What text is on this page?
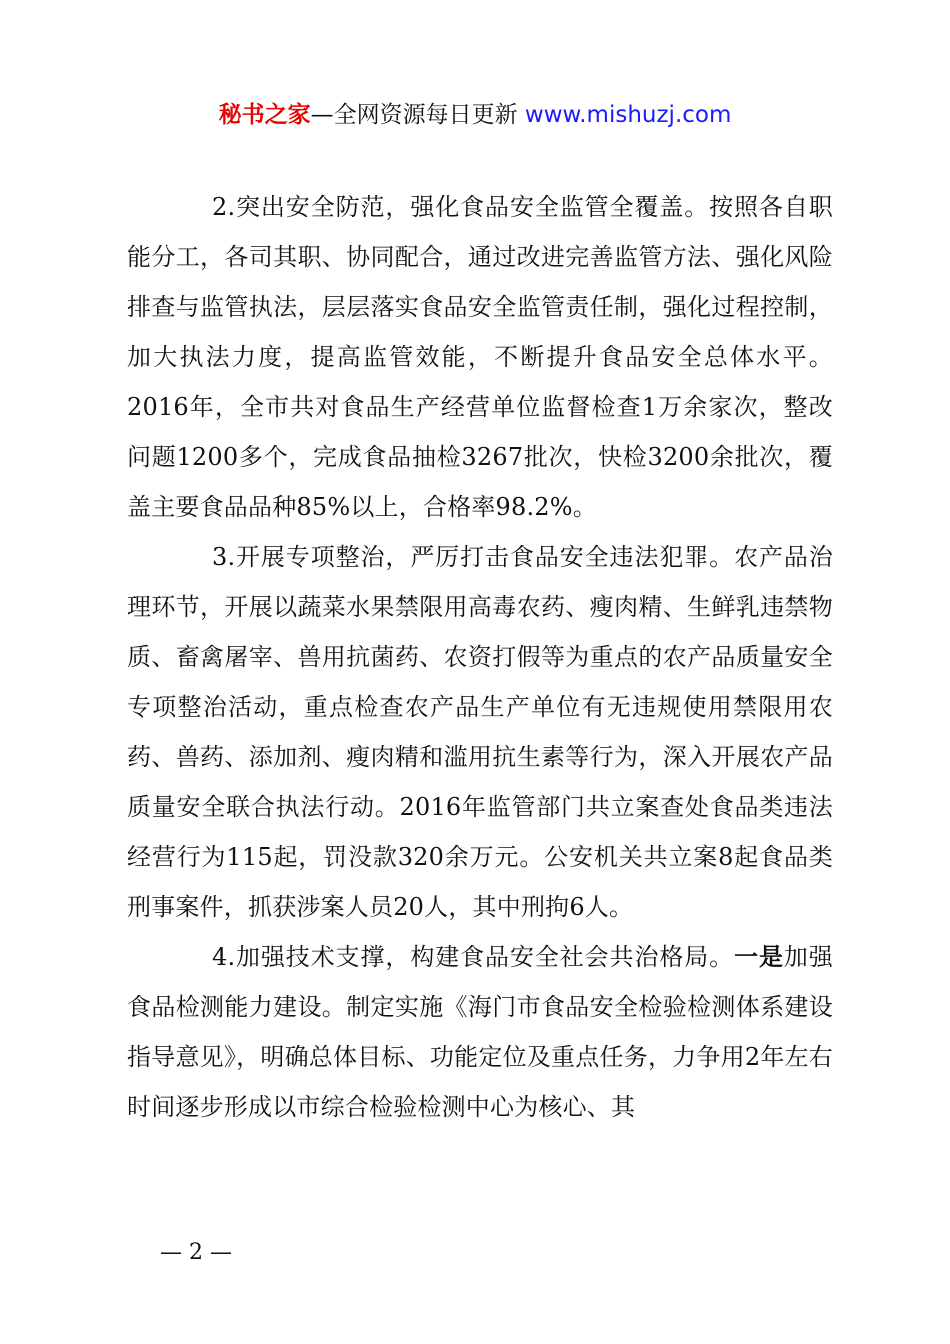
秘书之家—全网资源每日更新 www.mishuzj.com

2.突出安全防范，强化食品安全监管全覆盖。按照各自职能分工，各司其职、协同配合，通过改进完善监管方法、强化风险排查与监管执法，层层落实食品安全监管责任制，强化过程控制，加大执法力度，提高监管效能，不断提升食品安全总体水平。2016年，全市共对食品生产经营单位监督检查1万余家次，整改问题1200多个，完成食品抽检3267批次，快检3200余批次，覆盖主要食品品种85%以上，合格率98.2%。

3.开展专项整治，严厉打击食品安全违法犯罪。农产品治理环节，开展以蔬菜水果禁限用高毒农药、瘦肉精、生鲜乳违禁物质、畜禽屠宰、兽用抗菌药、农资打假等为重点的农产品质量安全专项整治活动，重点检查农产品生产单位有无违规使用禁限用农药、兽药、添加剂、瘦肉精和滥用抗生素等行为，深入开展农产品质量安全联合执法行动。2016年监管部门共立案查处食品类违法经营行为115起，罚没款320余万元。公安机关共立案8起食品类刑事案件，抓获涉案人员20人，其中刑拘6人。

4.加强技术支撑，构建食品安全社会共治格局。一是加强食品检测能力建设。制定实施《海门市食品安全检验检测体系建设指导意见》，明确总体目标、功能定位及重点任务，力争用2年左右时间逐步形成以市综合检验检测中心为核心、其

— 2 —
